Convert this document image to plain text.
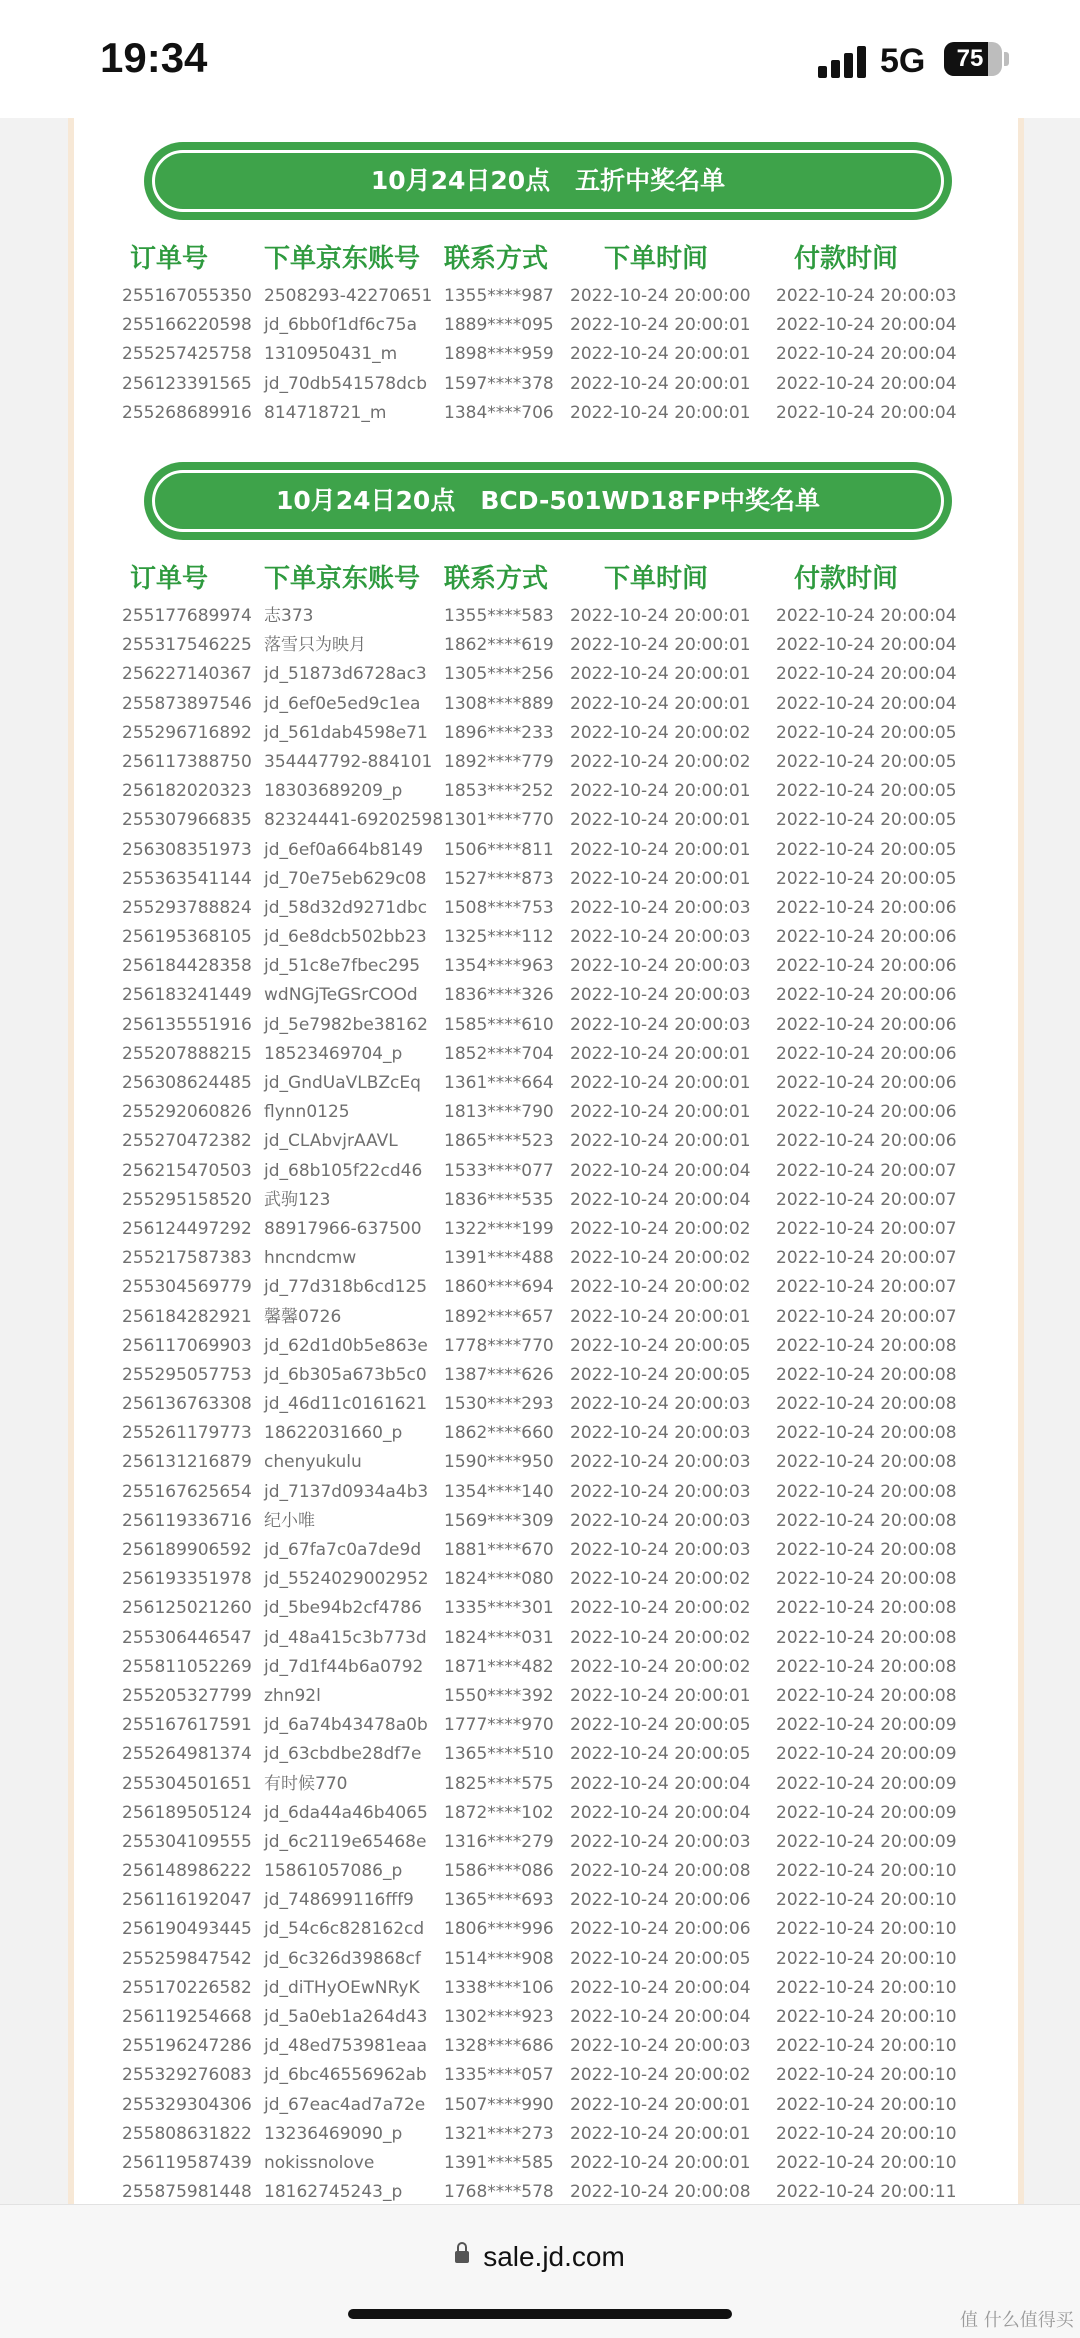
19:34	5G	75
10月24日20点　五折中奖名单
订单号 下单京东账号 联系方式 下单时间	付款时间
255167055350 2508293-42270651 1355****987 2022-10-24 20:00:00 2022-10-24 20:00:03
255166220598 jd_6bb0f1df6c75a 1889****095 2022-10-24 20:00:01 2022-10-24 20:00:04
255257425758 1310950431_m	1898****959 2022-10-24 20:00:01 2022-10-24 20:00:04
256123391565 jd_70db541578dcb 1597****378 2022-10-24 20:00:01 2022-10-24 20:00:04
255268689916 814718721_m	1384****706 2022-10-24 20:00:01 2022-10-24 20:00:04
10月24日20点　BCD-501WD18FP中奖名单
订单号 下单京东账号 联系方式 下单时间	付款时间
255177689974 志373	1355****583 2022-10-24 20:00:01 2022-10-24 20:00:04
255317546225 落雪只为映月	1862****619 2022-10-24 20:00:01 2022-10-24 20:00:04
256227140367 jd_51873d6728ac3 1305****256 2022-10-24 20:00:01 2022-10-24 20:00:04
255873897546 jd_6ef0e5ed9c1ea 1308****889 2022-10-24 20:00:01 2022-10-24 20:00:04
255296716892 jd_561dab4598e71 1896****233 2022-10-24 20:00:02 2022-10-24 20:00:05
256117388750 354447792-884101 1892****779 2022-10-24 20:00:02 2022-10-24 20:00:05
256182020323 18303689209_p 1853****252 2022-10-24 20:00:01 2022-10-24 20:00:05
255307966835 82324441-69202598 1301****770 2022-10-24 20:00:01 2022-10-24 20:00:05
256308351973 jd_6ef0a664b8149 1506****811 2022-10-24 20:00:01 2022-10-24 20:00:05
255363541144 jd_70e75eb629c08 1527****873 2022-10-24 20:00:01 2022-10-24 20:00:05
255293788824 jd_58d32d9271dbc 1508****753 2022-10-24 20:00:03 2022-10-24 20:00:06
256195368105 jd_6e8dcb502bb23 1325****112 2022-10-24 20:00:03 2022-10-24 20:00:06
256184428358 jd_51c8e7fbec295 1354****963 2022-10-24 20:00:03 2022-10-24 20:00:06
256183241449 wdNGjTeGSrCOOd 1836****326 2022-10-24 20:00:03 2022-10-24 20:00:06
256135551916 jd_5e7982be38162 1585****610 2022-10-24 20:00:03 2022-10-24 20:00:06
255207888215 18523469704_p 1852****704 2022-10-24 20:00:01 2022-10-24 20:00:06
256308624485 jd_GndUaVLBZcEq 1361****664 2022-10-24 20:00:01 2022-10-24 20:00:06
255292060826 flynn0125	1813****790 2022-10-24 20:00:01 2022-10-24 20:00:06
255270472382 jd_CLAbvjrAAVL	1865****523 2022-10-24 20:00:01 2022-10-24 20:00:06
256215470503 jd_68b105f22cd46 1533****077 2022-10-24 20:00:04 2022-10-24 20:00:07
255295158520 武驹123	1836****535 2022-10-24 20:00:04 2022-10-24 20:00:07
256124497292 88917966-637500 1322****199 2022-10-24 20:00:02 2022-10-24 20:00:07
255217587383 hncndcmw	1391****488 2022-10-24 20:00:02 2022-10-24 20:00:07
255304569779 jd_77d318b6cd125 1860****694 2022-10-24 20:00:02 2022-10-24 20:00:07
256184282921 馨馨0726	1892****657 2022-10-24 20:00:01 2022-10-24 20:00:07
256117069903 jd_62d1d0b5e863e 1778****770 2022-10-24 20:00:05 2022-10-24 20:00:08
255295057753 jd_6b305a673b5c0 1387****626 2022-10-24 20:00:05 2022-10-24 20:00:08
256136763308 jd_46d11c0161621 1530****293 2022-10-24 20:00:03 2022-10-24 20:00:08
255261179773 18622031660_p 1862****660 2022-10-24 20:00:03 2022-10-24 20:00:08
256131216879 chenyukulu	1590****950 2022-10-24 20:00:03 2022-10-24 20:00:08
255167625654 jd_7137d0934a4b3 1354****140 2022-10-24 20:00:03 2022-10-24 20:00:08
256119336716 纪小唯	1569****309 2022-10-24 20:00:03 2022-10-24 20:00:08
256189906592 jd_67fa7c0a7de9d 1881****670 2022-10-24 20:00:03 2022-10-24 20:00:08
256193351978 jd_5524029002952 1824****080 2022-10-24 20:00:02 2022-10-24 20:00:08
256125021260 jd_5be94b2cf4786 1335****301 2022-10-24 20:00:02 2022-10-24 20:00:08
255306446547 jd_48a415c3b773d 1824****031 2022-10-24 20:00:02 2022-10-24 20:00:08
255811052269 jd_7d1f44b6a0792 1871****482 2022-10-24 20:00:02 2022-10-24 20:00:08
255205327799 zhn92l	1550****392 2022-10-24 20:00:01 2022-10-24 20:00:08
255167617591 jd_6a74b43478a0b 1777****970 2022-10-24 20:00:05 2022-10-24 20:00:09
255264981374 jd_63cbdbe28df7e 1365****510 2022-10-24 20:00:05 2022-10-24 20:00:09
255304501651 有时候770	1825****575 2022-10-24 20:00:04 2022-10-24 20:00:09
256189505124 jd_6da44a46b4065 1872****102 2022-10-24 20:00:04 2022-10-24 20:00:09
255304109555 jd_6c2119e65468e 1316****279 2022-10-24 20:00:03 2022-10-24 20:00:09
256148986222 15861057086_p 1586****086 2022-10-24 20:00:08 2022-10-24 20:00:10
256116192047 jd_748699116fff9 1365****693 2022-10-24 20:00:06 2022-10-24 20:00:10
256190493445 jd_54c6c828162cd 1806****996 2022-10-24 20:00:06 2022-10-24 20:00:10
255259847542 jd_6c326d39868cf 1514****908 2022-10-24 20:00:05 2022-10-24 20:00:10
255170226582 jd_diTHyOEwNRyK 1338****106 2022-10-24 20:00:04 2022-10-24 20:00:10
256119254668 jd_5a0eb1a264d43 1302****923 2022-10-24 20:00:04 2022-10-24 20:00:10
255196247286 jd_48ed753981eaa 1328****686 2022-10-24 20:00:03 2022-10-24 20:00:10
255329276083 jd_6bc46556962ab 1335****057 2022-10-24 20:00:02 2022-10-24 20:00:10
255329304306 jd_67eac4ad7a72e 1507****990 2022-10-24 20:00:01 2022-10-24 20:00:10
255808631822 13236469090_p 1321****273 2022-10-24 20:00:01 2022-10-24 20:00:10
256119587439 nokissnolove	1391****585 2022-10-24 20:00:01 2022-10-24 20:00:10
255875981448 18162745243_p 1768****578 2022-10-24 20:00:08 2022-10-24 20:00:11
sale.jd.com
值 什么值得买
